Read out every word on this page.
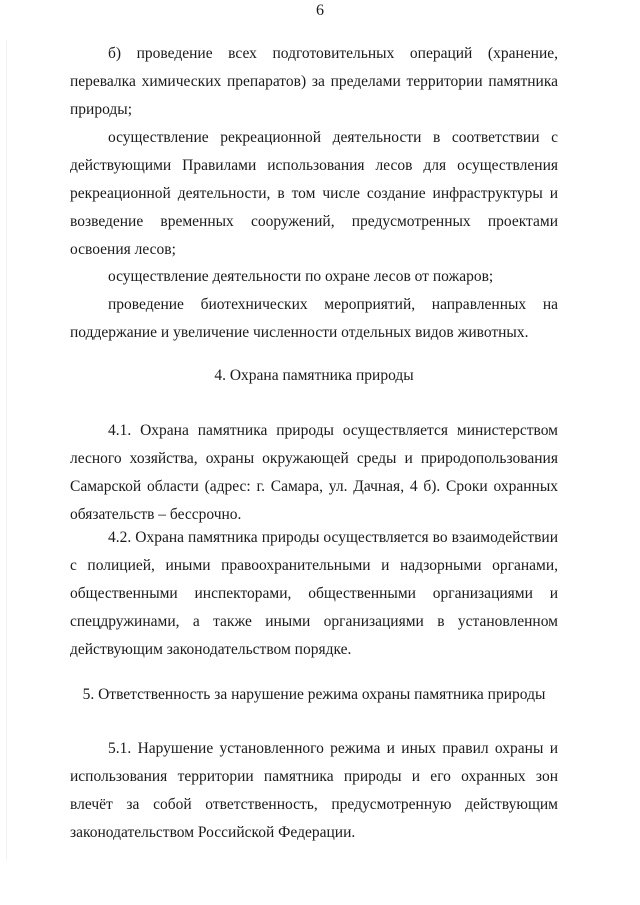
6

б) проведение всех подготовительных операций (хранение, перевалка химических препаратов) за пределами территории памятника природы;

осуществление рекреационной деятельности в соответствии с действующими Правилами использования лесов для осуществления рекреационной деятельности, в том числе создание инфраструктуры и возведение временных сооружений, предусмотренных проектами освоения лесов;

осуществление деятельности по охране лесов от пожаров;

проведение биотехнических мероприятий, направленных на поддержание и увеличение численности отдельных видов животных.

4. Охрана памятника природы

4.1. Охрана памятника природы осуществляется министерством лесного хозяйства, охраны окружающей среды и природопользования Самарской области (адрес: г. Самара, ул. Дачная, 4 б). Сроки охранных обязательств – бессрочно.

4.2. Охрана памятника природы осуществляется во взаимодействии с полицией, иными правоохранительными и надзорными органами, общественными инспекторами, общественными организациями и спецдружинами, а также иными организациями в установленном действующим законодательством порядке.

5. Ответственность за нарушение режима охраны памятника природы

5.1. Нарушение установленного режима и иных правил охраны и использования территории памятника природы и его охранных зон влечёт за собой ответственность, предусмотренную действующим законодательством Российской Федерации.
